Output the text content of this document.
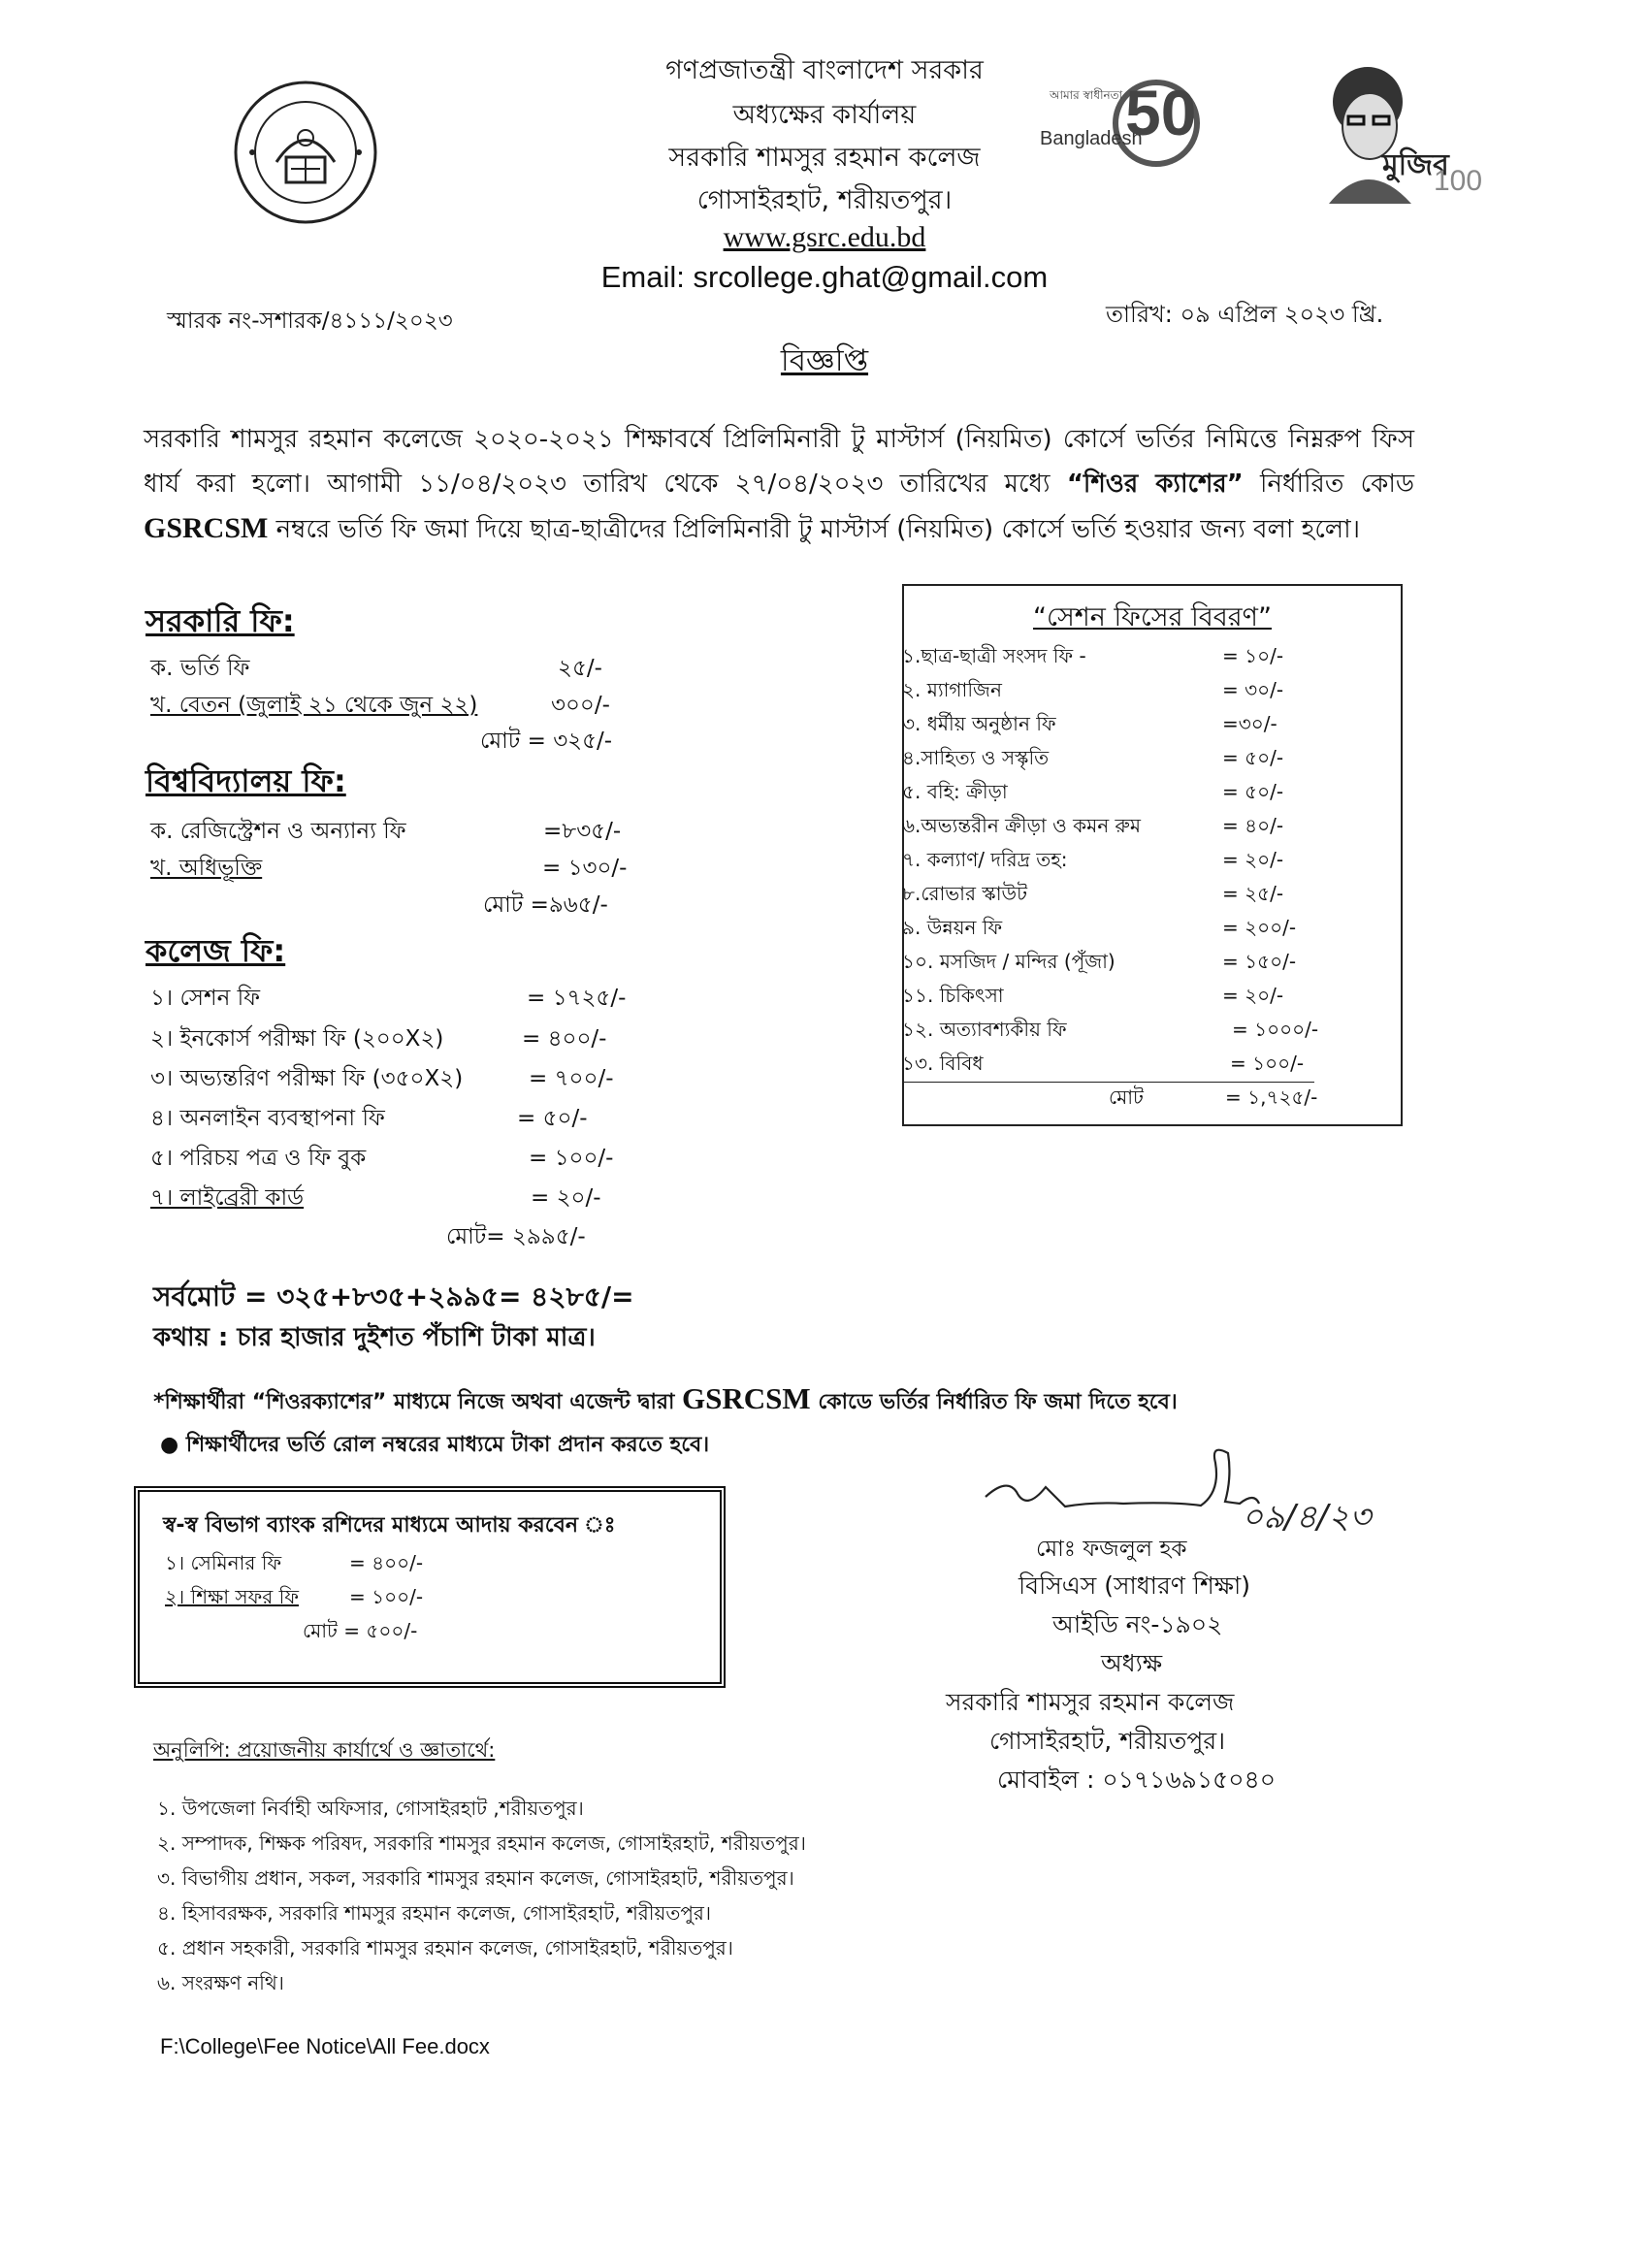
গণপ্রজাতন্ত্রী বাংলাদেশ সরকার
অধ্যক্ষের কার্যালয়
সরকারি শামসুর রহমান কলেজ
গোসাইরহাট, শরীয়তপুর।
www.gsrc.edu.bd
Email: srcollege.ghat@gmail.com
আমার স্বাধীনতা
Bangladesh
50
মুজিব
100
স্মারক নং-সশারক/৪১১১/২০২৩	তারিখ: ০৯ এপ্রিল ২০২৩ খ্রি.
বিজ্ঞপ্তি
সরকারি শামসুর রহমান কলেজে ২০২০-২০২১ শিক্ষাবর্ষে প্রিলিমিনারী টু মাস্টার্স (নিয়মিত) কোর্সে ভর্তির নিমিত্তে নিম্নরুপ ফিস ধার্য করা হলো। আগামী ১১/০৪/২০২৩ তারিখ থেকে ২৭/০৪/২০২৩ তারিখের মধ্যে “শিওর ক্যাশের” নির্ধারিত কোড GSRCSM নম্বরে ভর্তি ফি জমা দিয়ে ছাত্র-ছাত্রীদের প্রিলিমিনারী টু মাস্টার্স (নিয়মিত) কোর্সে ভর্তি হওয়ার জন্য বলা হলো।
সরকারি ফি:
ক. ভর্তি ফি	২৫/-
খ. বেতন (জুলাই ২১ থেকে জুন ২২)	৩০০/-
মোট = ৩২৫/-
বিশ্ববিদ্যালয় ফি:
ক. রেজিস্ট্রেশন ও অন্যান্য ফি	=৮৩৫/-
খ. অধিভূক্তি	= ১৩০/-
মোট =৯৬৫/-
কলেজ ফি:
১। সেশন ফি	= ১৭২৫/-
২। ইনকোর্স পরীক্ষা ফি (২০০X২)	= ৪০০/-
৩। অভ্যন্তরিণ পরীক্ষা ফি (৩৫০X২)	= ৭০০/-
৪। অনলাইন ব্যবস্থাপনা ফি	= ৫০/-
৫। পরিচয় পত্র ও ফি বুক	= ১০০/-
৭। লাইব্রেরী কার্ড	= ২০/-
মোট= ২৯৯৫/-
“সেশন ফিসের বিবরণ”
১.ছাত্র-ছাত্রী সংসদ ফি -	= ১০/-
২. ম্যাগাজিন	= ৩০/-
৩. ধর্মীয় অনুষ্ঠান ফি	=৩০/-
৪.সাহিত্য ও সস্কৃতি	= ৫০/-
৫. বহি: ক্রীড়া	= ৫০/-
৬.অভ্যন্তরীন ক্রীড়া ও কমন রুম	= ৪০/-
৭. কল্যাণ/ দরিদ্র তহ:	= ২০/-
৮.রোভার স্কাউট	= ২৫/-
৯. উন্নয়ন ফি	= ২০০/-
১০. মসজিদ / মন্দির (পূঁজা)	= ১৫০/-
১১. চিকিৎসা	= ২০/-
১২. অত্যাবশ্যকীয় ফি	= ১০০০/-
১৩. বিবিধ	= ১০০/-
মোট	= ১,৭২৫/-
সর্বমোট = ৩২৫+৮৩৫+২৯৯৫= ৪২৮৫/=
কথায় : চার হাজার দুইশত পঁচাশি টাকা মাত্র।
*শিক্ষার্থীরা “শিওরক্যাশের” মাধ্যমে নিজে অথবা এজেন্ট দ্বারা GSRCSM কোডে ভর্তির নির্ধারিত ফি জমা দিতে হবে।
● শিক্ষার্থীদের ভর্তি রোল নম্বরের মাধ্যমে টাকা প্রদান করতে হবে।
স্ব-স্ব বিভাগ ব্যাংক রশিদের মাধ্যমে আদায় করবেন ঃ
১। সেমিনার ফি	= ৪০০/-
২। শিক্ষা সফর ফি	= ১০০/-
মোট = ৫০০/-
০৯/৪/২৩
মোঃ ফজলুল হক
বিসিএস (সাধারণ শিক্ষা)
আইডি নং-১৯০২
অধ্যক্ষ
সরকারি শামসুর রহমান কলেজ
গোসাইরহাট, শরীয়তপুর।
মোবাইল : ০১৭১৬৯১৫০৪০
অনুলিপি: প্রয়োজনীয় কার্যার্থে ও জ্ঞাতার্থে:
১. উপজেলা নির্বাহী অফিসার, গোসাইরহাট ,শরীয়তপুর।
২. সম্পাদক, শিক্ষক পরিষদ, সরকারি শামসুর রহমান কলেজ, গোসাইরহাট, শরীয়তপুর।
৩. বিভাগীয় প্রধান, সকল, সরকারি শামসুর রহমান কলেজ, গোসাইরহাট, শরীয়তপুর।
৪. হিসাবরক্ষক, সরকারি শামসুর রহমান কলেজ, গোসাইরহাট, শরীয়তপুর।
৫. প্রধান সহকারী, সরকারি শামসুর রহমান কলেজ, গোসাইরহাট, শরীয়তপুর।
৬. সংরক্ষণ নথি।
F:\College\Fee Notice\All Fee.docx
